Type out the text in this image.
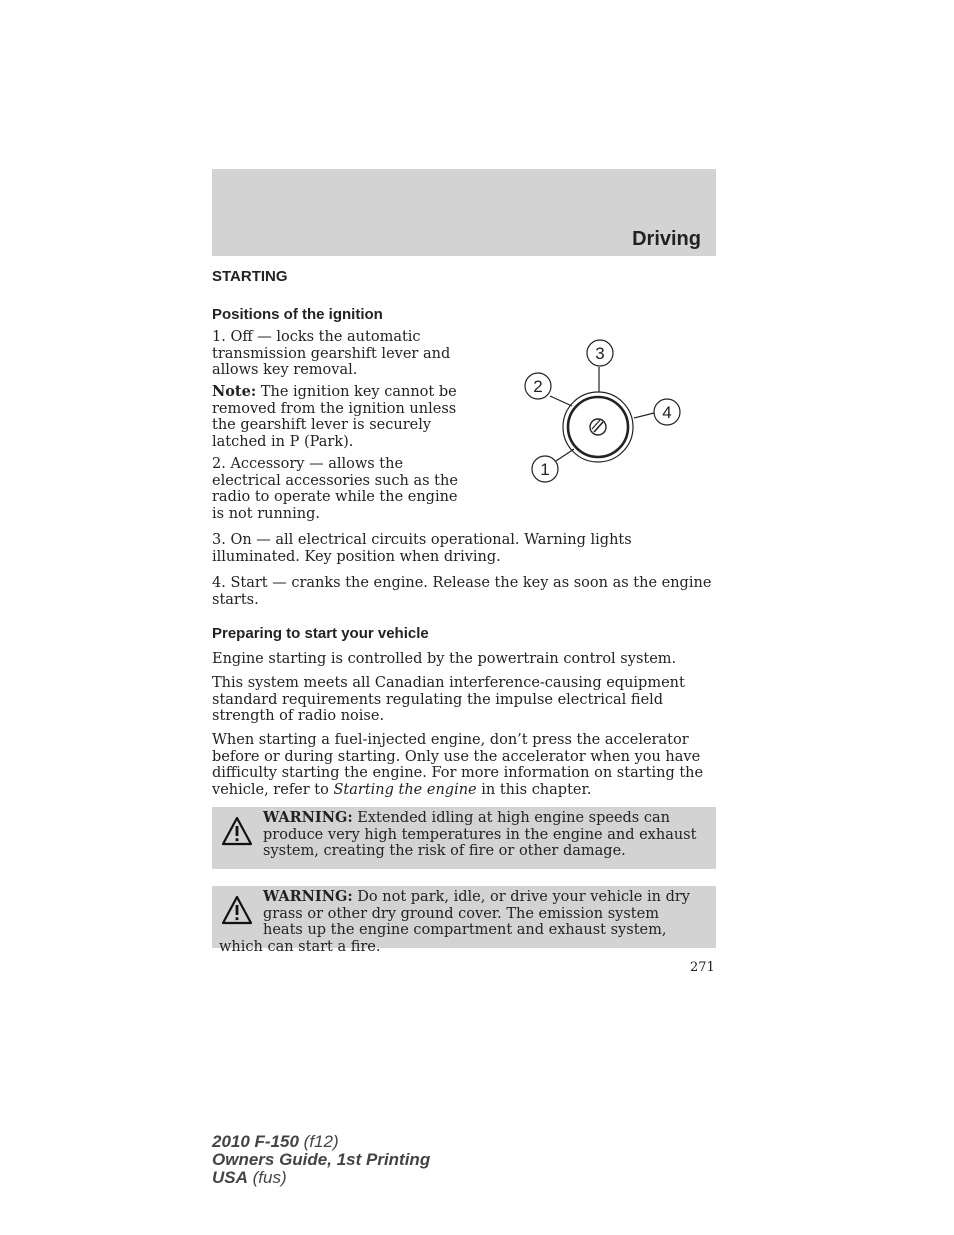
Driving
STARTING
Positions of the ignition

1. Off — locks the automatic transmission gearshift lever and allows key removal.

Note: The ignition key cannot be removed from the ignition unless the gearshift lever is securely latched in P (Park).

2. Accessory — allows the electrical accessories such as the radio to operate while the engine is not running.

3
2
4
1

3. On — all electrical circuits operational. Warning lights illuminated. Key position when driving.

4. Start — cranks the engine. Release the key as soon as the engine starts.

Preparing to start your vehicle

Engine starting is controlled by the powertrain control system.

This system meets all Canadian interference-causing equipment standard requirements regulating the impulse electrical field strength of radio noise.

When starting a fuel-injected engine, don’t press the accelerator before or during starting. Only use the accelerator when you have difficulty starting the engine. For more information on starting the vehicle, refer to Starting the engine in this chapter.

WARNING: Extended idling at high engine speeds can produce very high temperatures in the engine and exhaust system, creating the risk of fire or other damage.

WARNING: Do not park, idle, or drive your vehicle in dry grass or other dry ground cover. The emission system heats up the engine compartment and exhaust system, which can start a fire.

271
2010 F-150 (f12)
Owners Guide, 1st Printing
USA (fus)
